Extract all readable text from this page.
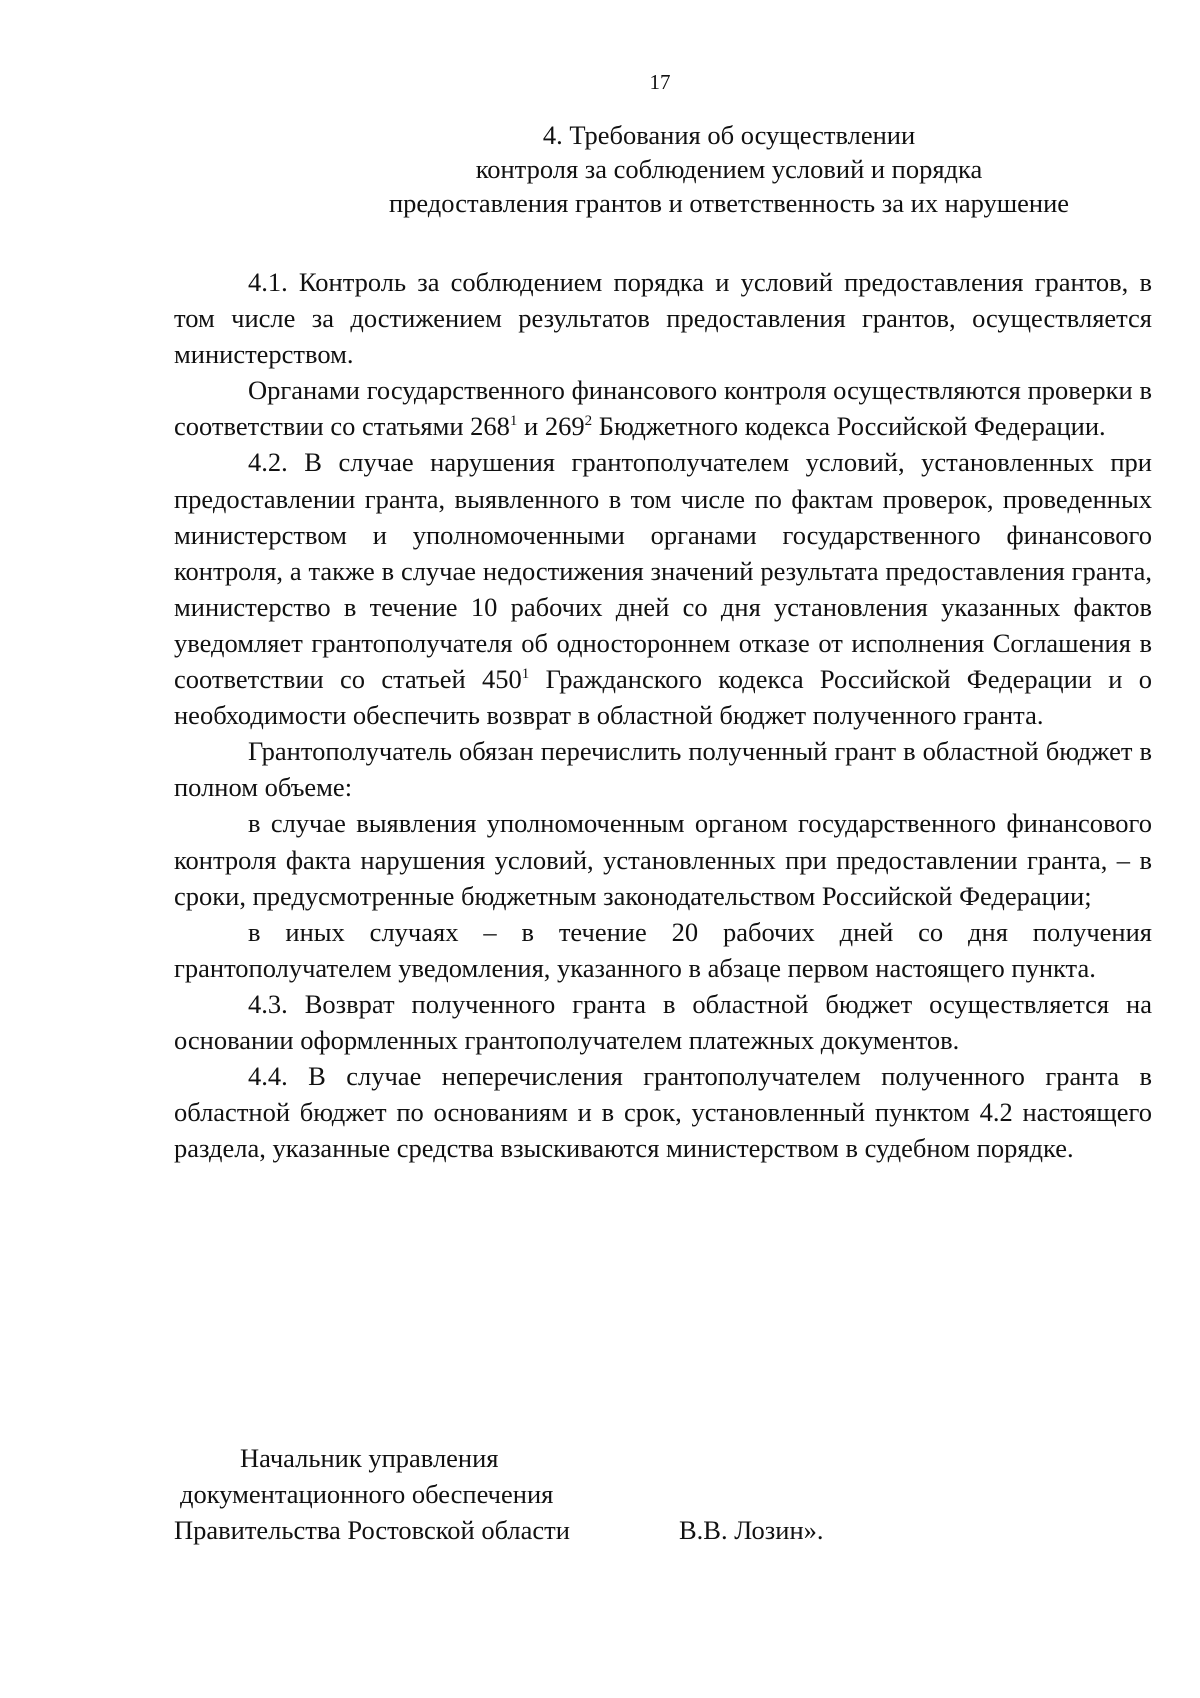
17
4. Требования об осуществлении
контроля за соблюдением условий и порядка
предоставления грантов и ответственность за их нарушение

4.1. Контроль за соблюдением порядка и условий предоставления грантов, в том числе за достижением результатов предоставления грантов, осуществляется министерством.

Органами государственного финансового контроля осуществляются проверки в соответствии со статьями $268^1$ и $269^2$ Бюджетного кодекса Российской Федерации.

4.2. В случае нарушения грантополучателем условий, установленных при предоставлении гранта, выявленного в том числе по фактам проверок, проведенных министерством и уполномоченными органами государственного финансового контроля, а также в случае недостижения значений результата предоставления гранта, министерство в течение 10 рабочих дней со дня установления указанных фактов уведомляет грантополучателя об одностороннем отказе от исполнения Соглашения в соответствии со статьей $450^1$ Гражданского кодекса Российской Федерации и о необходимости обеспечить возврат в областной бюджет полученного гранта.

Грантополучатель обязан перечислить полученный грант в областной бюджет в полном объеме:

в случае выявления уполномоченным органом государственного финансового контроля факта нарушения условий, установленных при предоставлении гранта, – в сроки, предусмотренные бюджетным законодательством Российской Федерации;

в иных случаях – в течение 20 рабочих дней со дня получения грантополучателем уведомления, указанного в абзаце первом настоящего пункта.

4.3. Возврат полученного гранта в областной бюджет осуществляется на основании оформленных грантополучателем платежных документов.

4.4. В случае неперечисления грантополучателем полученного гранта в областной бюджет по основаниям и в срок, установленный пунктом 4.2 настоящего раздела, указанные средства взыскиваются министерством в судебном порядке.

Начальник управления
документационного обеспечения
Правительства Ростовской области	В.В. Лозин».
